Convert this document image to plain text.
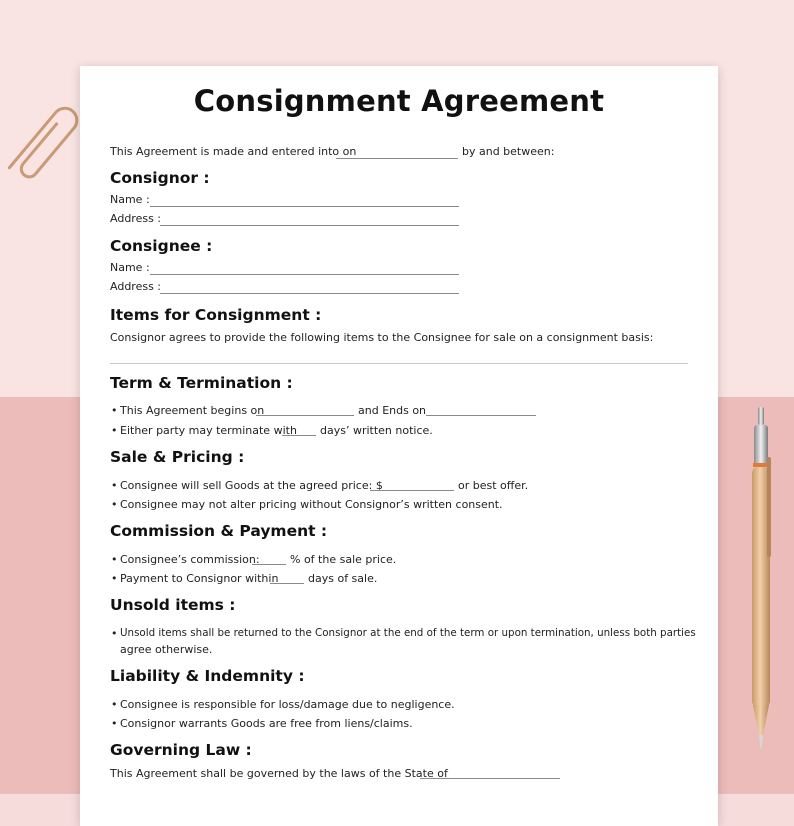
Consignment Agreement
This Agreement is made and entered into on	by and between:
Consignor :
Name :
Address :
Consignee :
Name :
Address :
Items for Consignment :
Consignor agrees to provide the following items to the Consignee for sale on a consignment basis:
Term & Termination :
• This Agreement begins on	and Ends on
• Either party may terminate with days’ written notice.
Sale & Pricing :
• Consignee will sell Goods at the agreed price: $	or best offer.
• Consignee may not alter pricing without Consignor’s written consent.
Commission & Payment :
• Consignee’s commission:	% of the sale price.
• Payment to Consignor within	days of sale.
Unsold items :
• Unsold items shall be returned to the Consignor at the end of the term or upon termination, unless both parties
agree otherwise.
Liability & Indemnity :
• Consignee is responsible for loss/damage due to negligence.
• Consignor warrants Goods are free from liens/claims.
Governing Law :
This Agreement shall be governed by the laws of the State of
